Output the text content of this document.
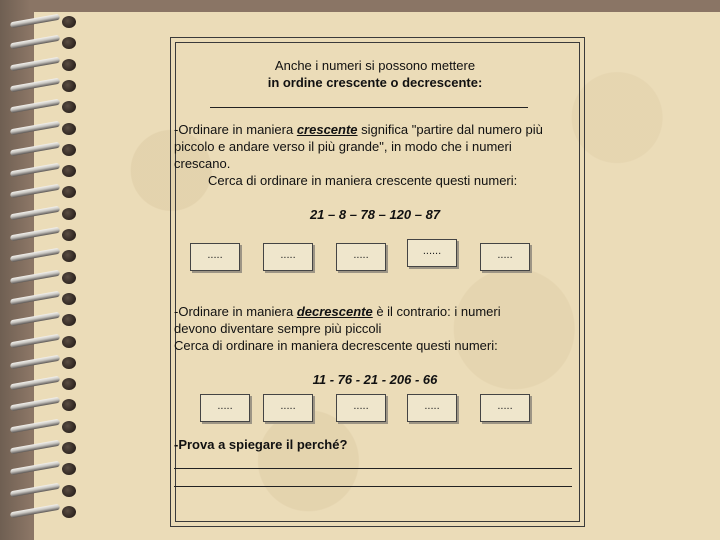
Anche i numeri si possono mettere
in ordine crescente o decrescente:
-Ordinare in maniera crescente significa "partire dal numero più
piccolo e andare verso il più grande", in modo che i numeri
crescano.
Cerca di ordinare in maniera crescente questi numeri:
21 – 8 – 78 – 120 – 87
.....	.....	.....	......	.....
-Ordinare in maniera decrescente è il contrario: i numeri
devono diventare sempre più piccoli
Cerca di ordinare in maniera decrescente questi numeri:
11 - 76 - 21 - 206 - 66
.....	.....	.....	.....	.....
-Prova a spiegare il perché?
